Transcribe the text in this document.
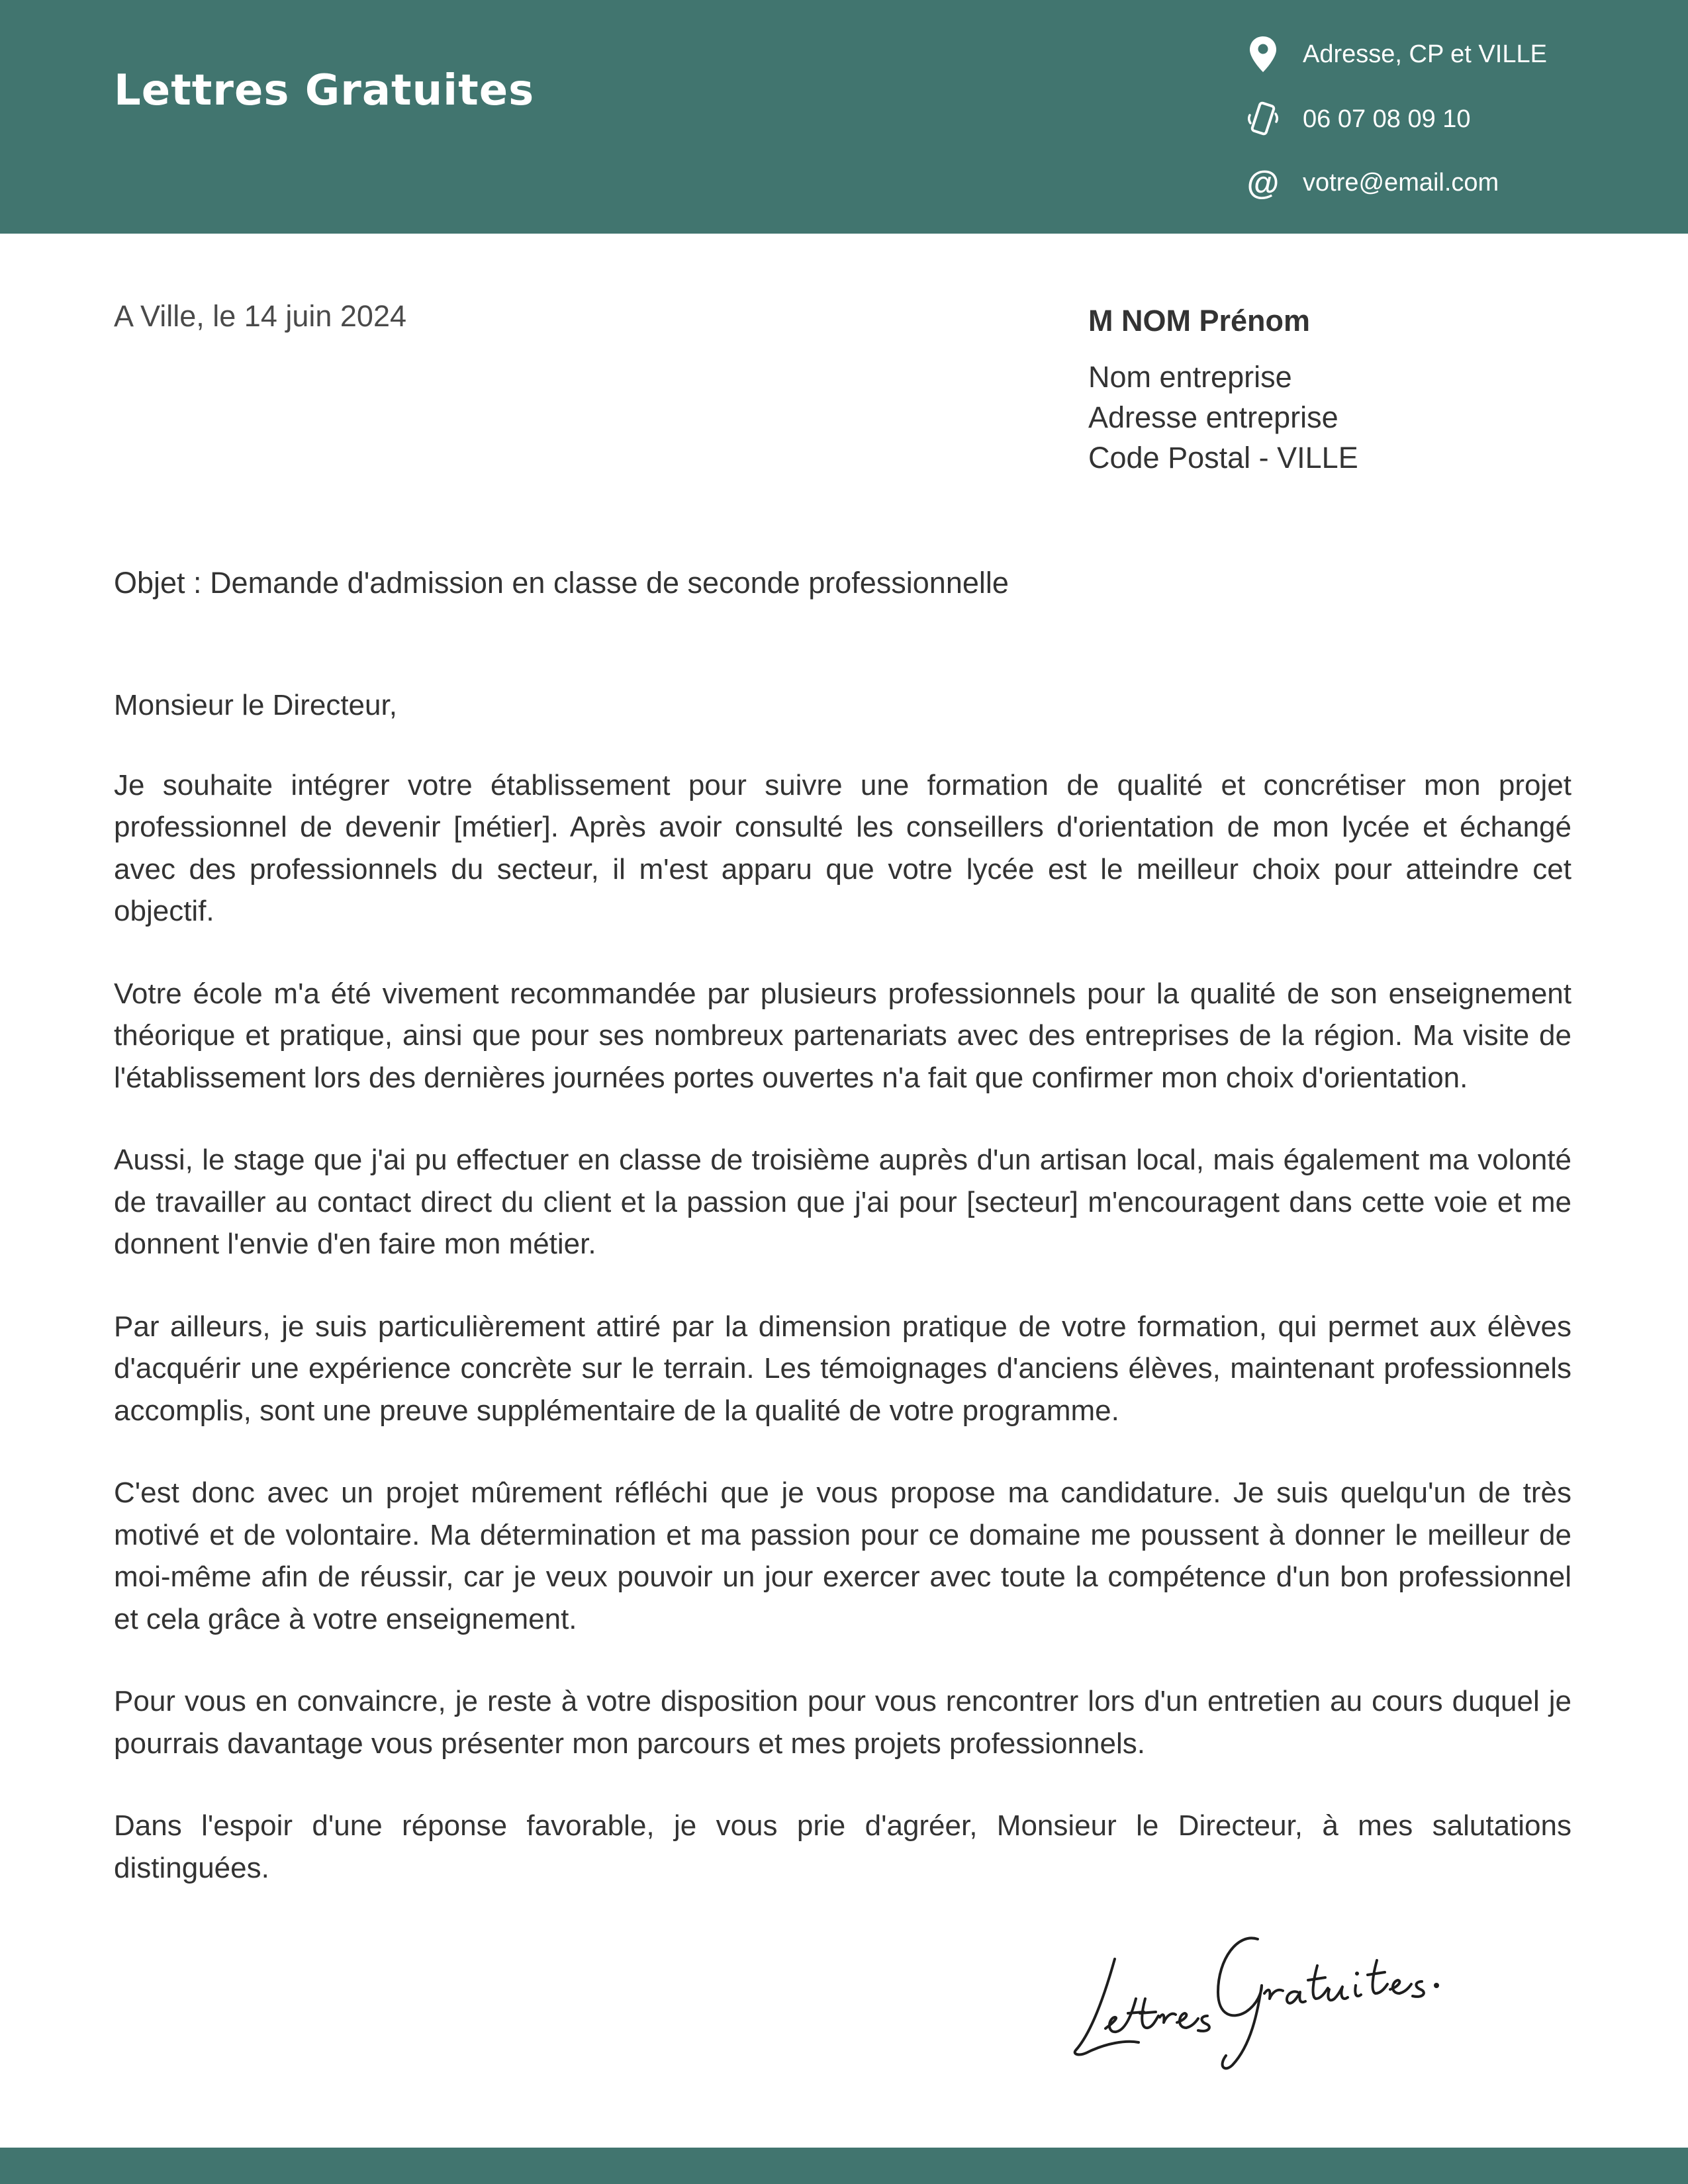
Lettres Gratuites
Adresse, CP et VILLE
06 07 08 09 10
@ votre@email.com
A Ville, le 14 juin 2024	M NOM Prénom
Nom entreprise
Adresse entreprise
Code Postal - VILLE
Objet : Demande d'admission en classe de seconde professionnelle

Monsieur le Directeur,

Je souhaite intégrer votre établissement pour suivre une formation de qualité et concrétiser mon projet professionnel de devenir [métier]. Après avoir consulté les conseillers d'orientation de mon lycée et échangé avec des professionnels du secteur, il m'est apparu que votre lycée est le meilleur choix pour atteindre cet objectif.

Votre école m'a été vivement recommandée par plusieurs professionnels pour la qualité de son enseignement théorique et pratique, ainsi que pour ses nombreux partenariats avec des entreprises de la région. Ma visite de l'établissement lors des dernières journées portes ouvertes n'a fait que confirmer mon choix d'orientation.

Aussi, le stage que j'ai pu effectuer en classe de troisième auprès d'un artisan local, mais également ma volonté de travailler au contact direct du client et la passion que j'ai pour [secteur] m'encouragent dans cette voie et me donnent l'envie d'en faire mon métier.

Par ailleurs, je suis particulièrement attiré par la dimension pratique de votre formation, qui permet aux élèves d'acquérir une expérience concrète sur le terrain. Les témoignages d'anciens élèves, maintenant professionnels accomplis, sont une preuve supplémentaire de la qualité de votre programme.

C'est donc avec un projet mûrement réfléchi que je vous propose ma candidature. Je suis quelqu'un de très motivé et de volontaire. Ma détermination et ma passion pour ce domaine me poussent à donner le meilleur de moi-même afin de réussir, car je veux pouvoir un jour exercer avec toute la compétence d'un bon professionnel et cela grâce à votre enseignement.

Pour vous en convaincre, je reste à votre disposition pour vous rencontrer lors d'un entretien au cours duquel je pourrais davantage vous présenter mon parcours et mes projets professionnels.

Dans l'espoir d'une réponse favorable, je vous prie d'agréer, Monsieur le Directeur, à mes salutations distinguées.
